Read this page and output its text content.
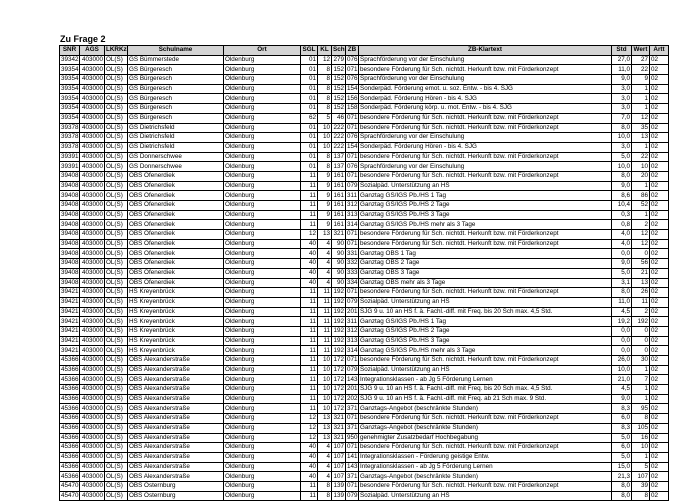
Zu Frage 2
SNR	AGS	LKRKz	Schulname	Ort	SGL	KL	Sch	ZB	ZB-Klartext	Std	Wert	Artt
39342	403000	OL(S)	GS Bümmerstede	Oldenburg	01	12	279	076	Sprachförderung vor der Einschulung	27,0	27	02
39354	403000	OL(S)	GS Bürgeresch	Oldenburg	01	8	152	071	besondere Förderung für Sch. nichtdt. Herkunft bzw. mit Förderkonzept	11,0	22	02
39354	403000	OL(S)	GS Bürgeresch	Oldenburg	01	8	152	076	Sprachförderung vor der Einschulung	9,0	9	02
39354	403000	OL(S)	GS Bürgeresch	Oldenburg	01	8	152	154	Sonderpäd. Förderung emot. u. soz. Entw. - bis 4. SJG	3,0	1	02
39354	403000	OL(S)	GS Bürgeresch	Oldenburg	01	8	152	156	Sonderpäd. Förderung Hören - bis 4. SJG	3,0	1	02
39354	403000	OL(S)	GS Bürgeresch	Oldenburg	01	8	152	158	Sonderpäd. Förderung körp. u. mot. Entw. - bis 4. SJG	3,0	1	02
39354	403000	OL(S)	GS Bürgeresch	Oldenburg	62	5	46	071	besondere Förderung für Sch. nichtdt. Herkunft bzw. mit Förderkonzept	7,0	12	02
39378	403000	OL(S)	GS Dietrichsfeld	Oldenburg	01	10	222	071	besondere Förderung für Sch. nichtdt. Herkunft bzw. mit Förderkonzept	8,0	35	02
39378	403000	OL(S)	GS Dietrichsfeld	Oldenburg	01	10	222	076	Sprachförderung vor der Einschulung	10,0	13	02
39378	403000	OL(S)	GS Dietrichsfeld	Oldenburg	01	10	222	154	Sonderpäd. Förderung Hören - bis 4. SJG	3,0	1	02
39391	403000	OL(S)	GS Donnerschwee	Oldenburg	01	8	137	071	besondere Förderung für Sch. nichtdt. Herkunft bzw. mit Förderkonzept	5,0	22	02
39391	403000	OL(S)	GS Donnerschwee	Oldenburg	01	8	137	076	Sprachförderung vor der Einschulung	10,0	10	02
39408	403000	OL(S)	OBS Ofenerdiek	Oldenburg	11	9	161	071	besondere Förderung für Sch. nichtdt. Herkunft bzw. mit Förderkonzept	8,0	20	02
39408	403000	OL(S)	OBS Ofenerdiek	Oldenburg	11	9	161	079	Sozialpäd. Unterstützung an HS	9,0	1	02
39408	403000	OL(S)	OBS Ofenerdiek	Oldenburg	11	9	161	311	Ganztag GS/IGS Pb./HS 1 Tag	8,6	86	02
39408	403000	OL(S)	OBS Ofenerdiek	Oldenburg	11	9	161	312	Ganztag GS/IGS Pb./HS 2 Tage	10,4	52	02
39408	403000	OL(S)	OBS Ofenerdiek	Oldenburg	11	9	161	313	Ganztag GS/IGS Pb./HS 3 Tage	0,3	1	02
39408	403000	OL(S)	OBS Ofenerdiek	Oldenburg	11	9	161	314	Ganztag GS/IGS Pb./HS mehr als 3 Tage	0,8	2	02
39408	403000	OL(S)	OBS Ofenerdiek	Oldenburg	12	13	321	071	besondere Förderung für Sch. nichtdt. Herkunft bzw. mit Förderkonzept	4,0	12	02
39408	403000	OL(S)	OBS Ofenerdiek	Oldenburg	40	4	90	071	besondere Förderung für Sch. nichtdt. Herkunft bzw. mit Förderkonzept	4,0	12	02
39408	403000	OL(S)	OBS Ofenerdiek	Oldenburg	40	4	90	331	Ganztag OBS 1 Tag	0,0	0	02
39408	403000	OL(S)	OBS Ofenerdiek	Oldenburg	40	4	90	332	Ganztag OBS 2 Tage	9,0	56	02
39408	403000	OL(S)	OBS Ofenerdiek	Oldenburg	40	4	90	333	Ganztag OBS 3 Tage	5,0	21	02
39408	403000	OL(S)	OBS Ofenerdiek	Oldenburg	40	4	90	334	Ganztag OBS mehr als 3 Tage	3,1	13	02
39421	403000	OL(S)	HS Kreyenbrück	Oldenburg	11	11	192	071	besondere Förderung für Sch. nichtdt. Herkunft bzw. mit Förderkonzept	8,0	26	02
39421	403000	OL(S)	HS Kreyenbrück	Oldenburg	11	11	192	079	Sozialpäd. Unterstützung an HS	11,0	11	02
39421	403000	OL(S)	HS Kreyenbrück	Oldenburg	11	11	192	201	SJG 9 u. 10 an HS f. ä. Fachl.-diff. mit Freq. bis 20 Sch max. 4,5 Std.	4,5	2	02
39421	403000	OL(S)	HS Kreyenbrück	Oldenburg	11	11	192	311	Ganztag GS/IGS Pb./HS 1 Tag	19,2	192	02
39421	403000	OL(S)	HS Kreyenbrück	Oldenburg	11	11	192	312	Ganztag GS/IGS Pb./HS 2 Tage	0,0	0	02
39421	403000	OL(S)	HS Kreyenbrück	Oldenburg	11	11	192	313	Ganztag GS/IGS Pb./HS 3 Tage	0,0	0	02
39421	403000	OL(S)	HS Kreyenbrück	Oldenburg	11	11	192	314	Ganztag GS/IGS Pb./HS mehr als 3 Tage	0,0	0	02
45366	403000	OL(S)	OBS Alexanderstraße	Oldenburg	11	10	172	071	besondere Förderung für Sch. nichtdt. Herkunft bzw. mit Förderkonzept	26,0	30	02
45366	403000	OL(S)	OBS Alexanderstraße	Oldenburg	11	10	172	079	Sozialpäd. Unterstützung an HS	10,0	1	02
45366	403000	OL(S)	OBS Alexanderstraße	Oldenburg	11	10	172	143	Integrationsklassen - ab Jg 5 Förderung Lernen	21,0	7	02
45366	403000	OL(S)	OBS Alexanderstraße	Oldenburg	11	10	172	201	SJG 9 u. 10 an HS f. ä. Fachl.-diff. mit Freq. bis 20 Sch max. 4,5 Std.	4,5	1	02
45366	403000	OL(S)	OBS Alexanderstraße	Oldenburg	11	10	172	202	SJG 9 u. 10 an HS f. ä. Fachl.-diff. mit Freq. ab 21 Sch max. 9 Std.	9,0	1	02
45366	403000	OL(S)	OBS Alexanderstraße	Oldenburg	11	10	172	371	Ganztags-Angebot (beschränkte Stunden)	8,3	95	02
45366	403000	OL(S)	OBS Alexanderstraße	Oldenburg	12	13	321	071	besondere Förderung für Sch. nichtdt. Herkunft bzw. mit Förderkonzept	6,0	8	02
45366	403000	OL(S)	OBS Alexanderstraße	Oldenburg	12	13	321	371	Ganztags-Angebot (beschränkte Stunden)	8,3	105	02
45366	403000	OL(S)	OBS Alexanderstraße	Oldenburg	12	13	321	950	genehmigter Zusatzbedarf Hochbegabung	5,0	16	02
45366	403000	OL(S)	OBS Alexanderstraße	Oldenburg	40	4	107	071	besondere Förderung für Sch. nichtdt. Herkunft bzw. mit Förderkonzept	6,0	10	02
45366	403000	OL(S)	OBS Alexanderstraße	Oldenburg	40	4	107	141	Integrationsklassen - Förderung geistige Entw.	5,0	1	02
45366	403000	OL(S)	OBS Alexanderstraße	Oldenburg	40	4	107	143	Integrationsklassen - ab Jg 5 Förderung Lernen	15,0	5	02
45366	403000	OL(S)	OBS Alexanderstraße	Oldenburg	40	4	107	371	Ganztags-Angebot (beschränkte Stunden)	21,3	107	02
45470	403000	OL(S)	OBS Osternburg	Oldenburg	11	8	139	071	besondere Förderung für Sch. nichtdt. Herkunft bzw. mit Förderkonzept	8,0	39	02
45470	403000	OL(S)	OBS Osternburg	Oldenburg	11	8	139	079	Sozialpäd. Unterstützung an HS	8,0	8	02
